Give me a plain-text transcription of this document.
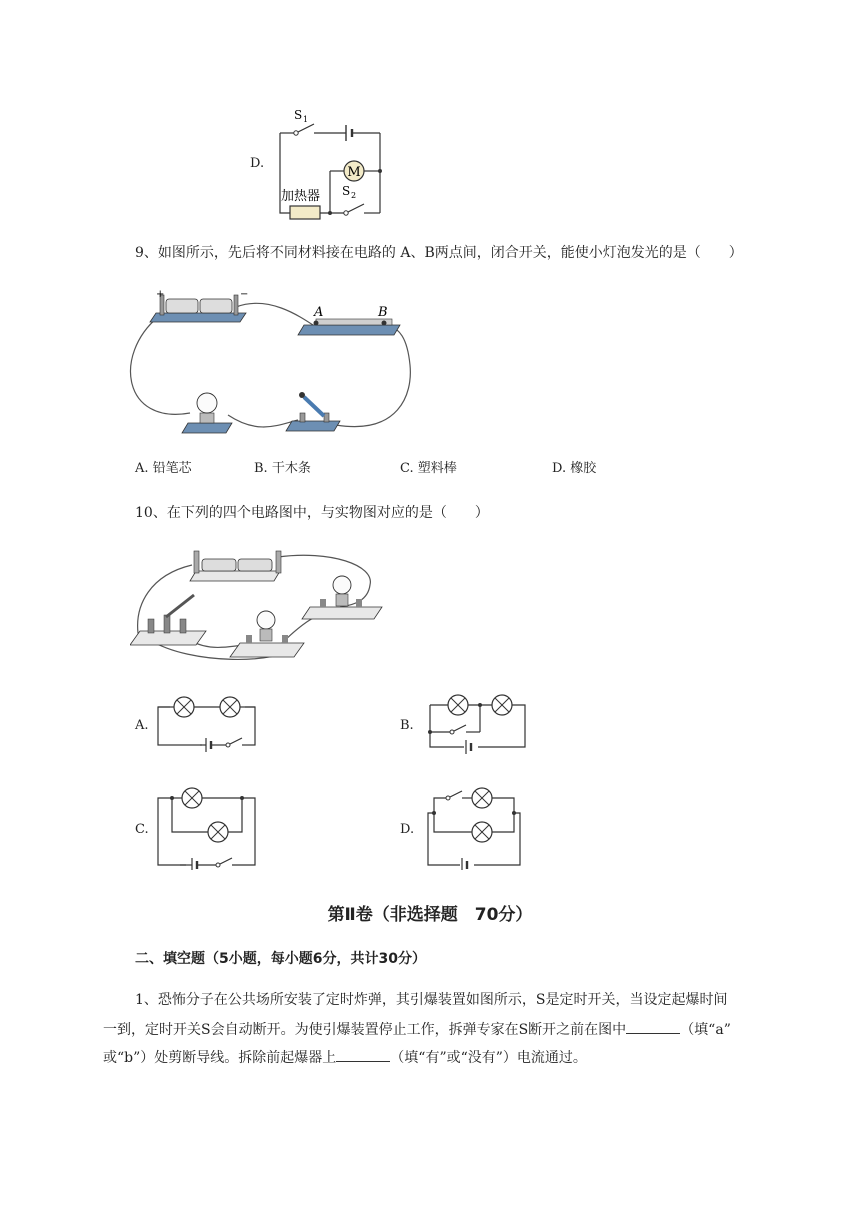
D.
M
S 1
S 2
加热器
9、如图所示，先后将不同材料接在电路的 A、B两点间，闭合开关，能使小灯泡发光的是（　　）
+	−
A	B
A. 铅笔芯	B. 干木条	C. 塑料棒	D. 橡胶
10、在下列的四个电路图中，与实物图对应的是（　　）
A.	B.
C.	D.
第Ⅱ卷（非选择题　70分）
二、填空题（5小题，每小题6分，共计30分）
1、恐怖分子在公共场所安装了定时炸弹，其引爆装置如图所示，S是定时开关，当设定起爆时间
一到，定时开关S会自动断开。为使引爆装置停止工作，拆弹专家在S断开之前在图中	（填“a”
或“b”）处剪断导线。拆除前起爆器上	（填“有”或“没有”）电流通过。
